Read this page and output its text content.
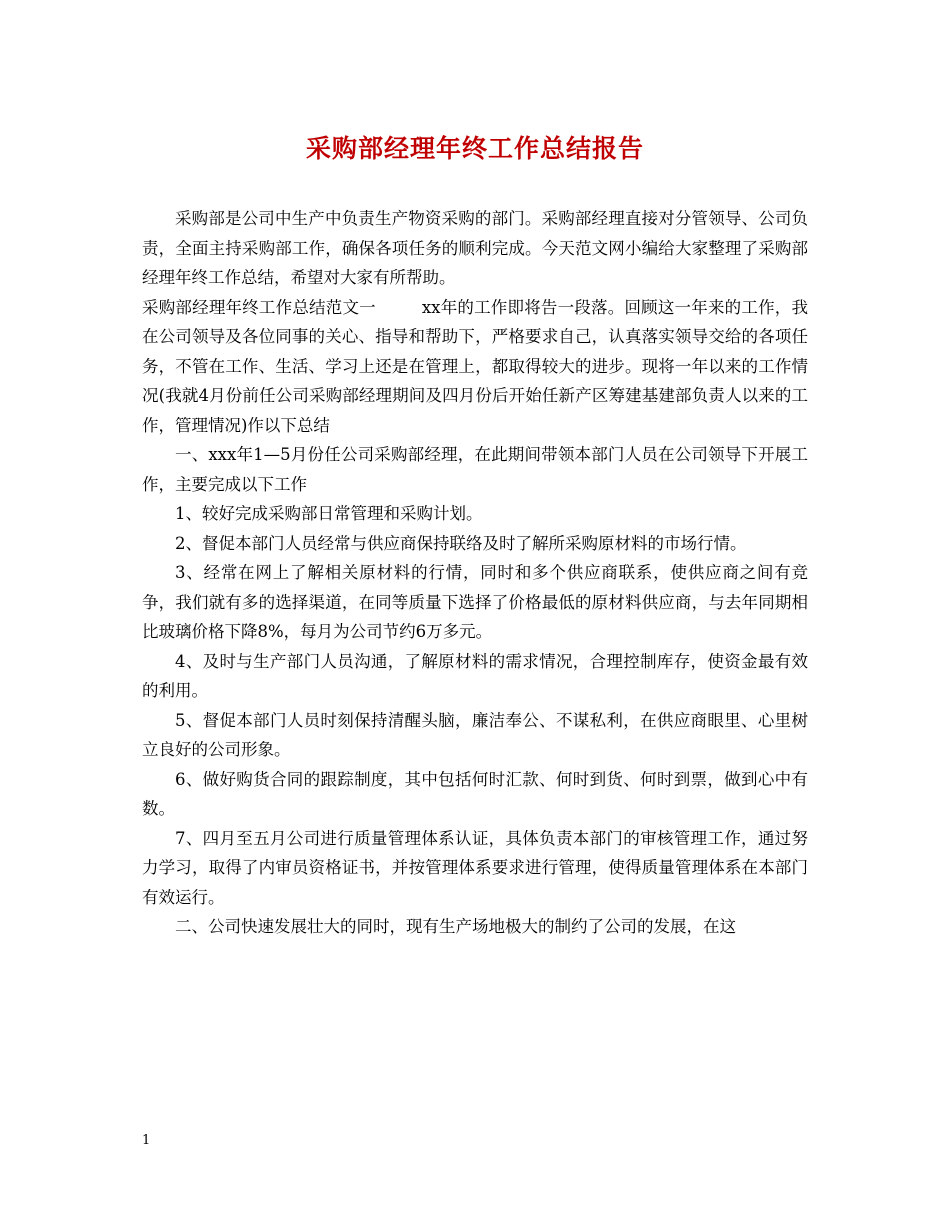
采购部经理年终工作总结报告

采购部是公司中生产中负责生产物资采购的部门。采购部经理直接对分管领导、公司负责，全面主持采购部工作，确保各项任务的顺利完成。今天范文网小编给大家整理了采购部经理年终工作总结，希望对大家有所帮助。

采购部经理年终工作总结范文一	xx年的工作即将告一段落。回顾这一年来的工作，我在公司领导及各位同事的关心、指导和帮助下，严格要求自己，认真落实领导交给的各项任务，不管在工作、生活、学习上还是在管理上，都取得较大的进步。现将一年以来的工作情况(我就4月份前任公司采购部经理期间及四月份后开始任新产区筹建基建部负责人以来的工作，管理情况)作以下总结

一、xxx年1—5月份任公司采购部经理，在此期间带领本部门人员在公司领导下开展工作，主要完成以下工作

1、较好完成采购部日常管理和采购计划。

2、督促本部门人员经常与供应商保持联络及时了解所采购原材料的市场行情。

3、经常在网上了解相关原材料的行情，同时和多个供应商联系，使供应商之间有竞争，我们就有多的选择渠道，在同等质量下选择了价格最低的原材料供应商，与去年同期相比玻璃价格下降8%，每月为公司节约6万多元。

4、及时与生产部门人员沟通，了解原材料的需求情况，合理控制库存，使资金最有效的利用。

5、督促本部门人员时刻保持清醒头脑，廉洁奉公、不谋私利，在供应商眼里、心里树立良好的公司形象。

6、做好购货合同的跟踪制度，其中包括何时汇款、何时到货、何时到票，做到心中有数。

7、四月至五月公司进行质量管理体系认证，具体负责本部门的审核管理工作，通过努力学习，取得了内审员资格证书，并按管理体系要求进行管理，使得质量管理体系在本部门有效运行。

二、公司快速发展壮大的同时，现有生产场地极大的制约了公司的发展，在这

1
